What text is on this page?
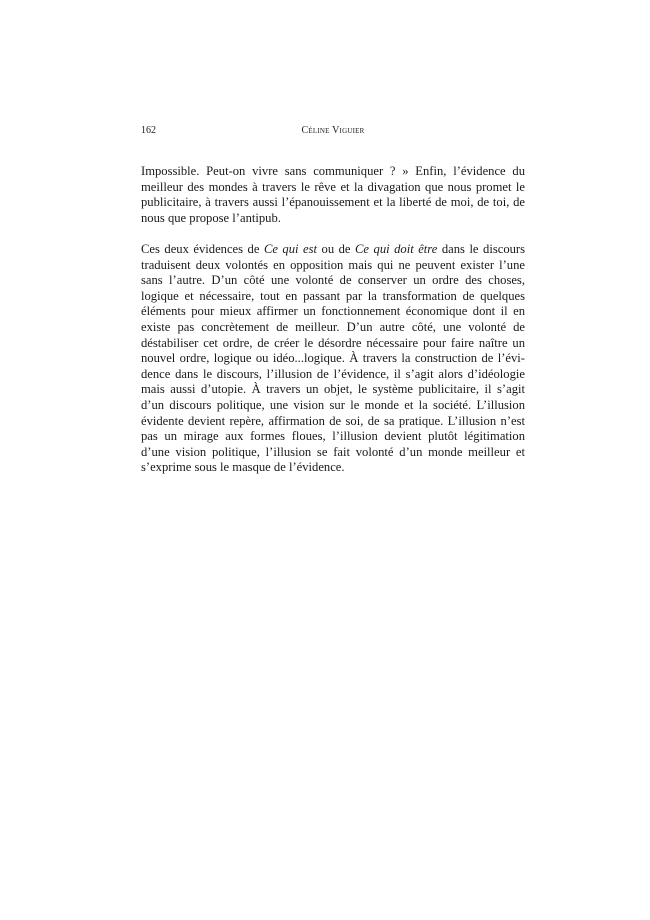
162	Céline Viguier

Impossible. Peut-on vivre sans communiquer ? » Enfin, l’évidence du meilleur des mondes à travers le rêve et la divagation que nous promet le publicitaire, à travers aussi l’épanouissement et la liberté de moi, de toi, de nous que propose l’antipub.

Ces deux évidences de Ce qui est ou de Ce qui doit être dans le discours traduisent deux volontés en opposition mais qui ne peuvent exister l’une sans l’autre. D’un côté une volonté de conserver un ordre des choses, logique et nécessaire, tout en passant par la transformation de quelques éléments pour mieux affirmer un fonctionnement économique dont il en existe pas concrètement de meilleur. D’un autre côté, une volonté de déstabiliser cet ordre, de créer le désordre nécessaire pour faire naître un nouvel ordre, logique ou idéo...logique. À travers la construction de l’évidence dans le discours, l’illusion de l’évidence, il s’agit alors d’idéologie mais aussi d’utopie. À travers un objet, le système publicitaire, il s’agit d’un discours politique, une vision sur le monde et la société. L’illusion évidente devient repère, affirmation de soi, de sa pratique. L’illusion n’est pas un mirage aux formes floues, l’illusion devient plutôt légitimation d’une vision politique, l’illusion se fait volonté d’un monde meilleur et s’exprime sous le masque de l’évidence.
